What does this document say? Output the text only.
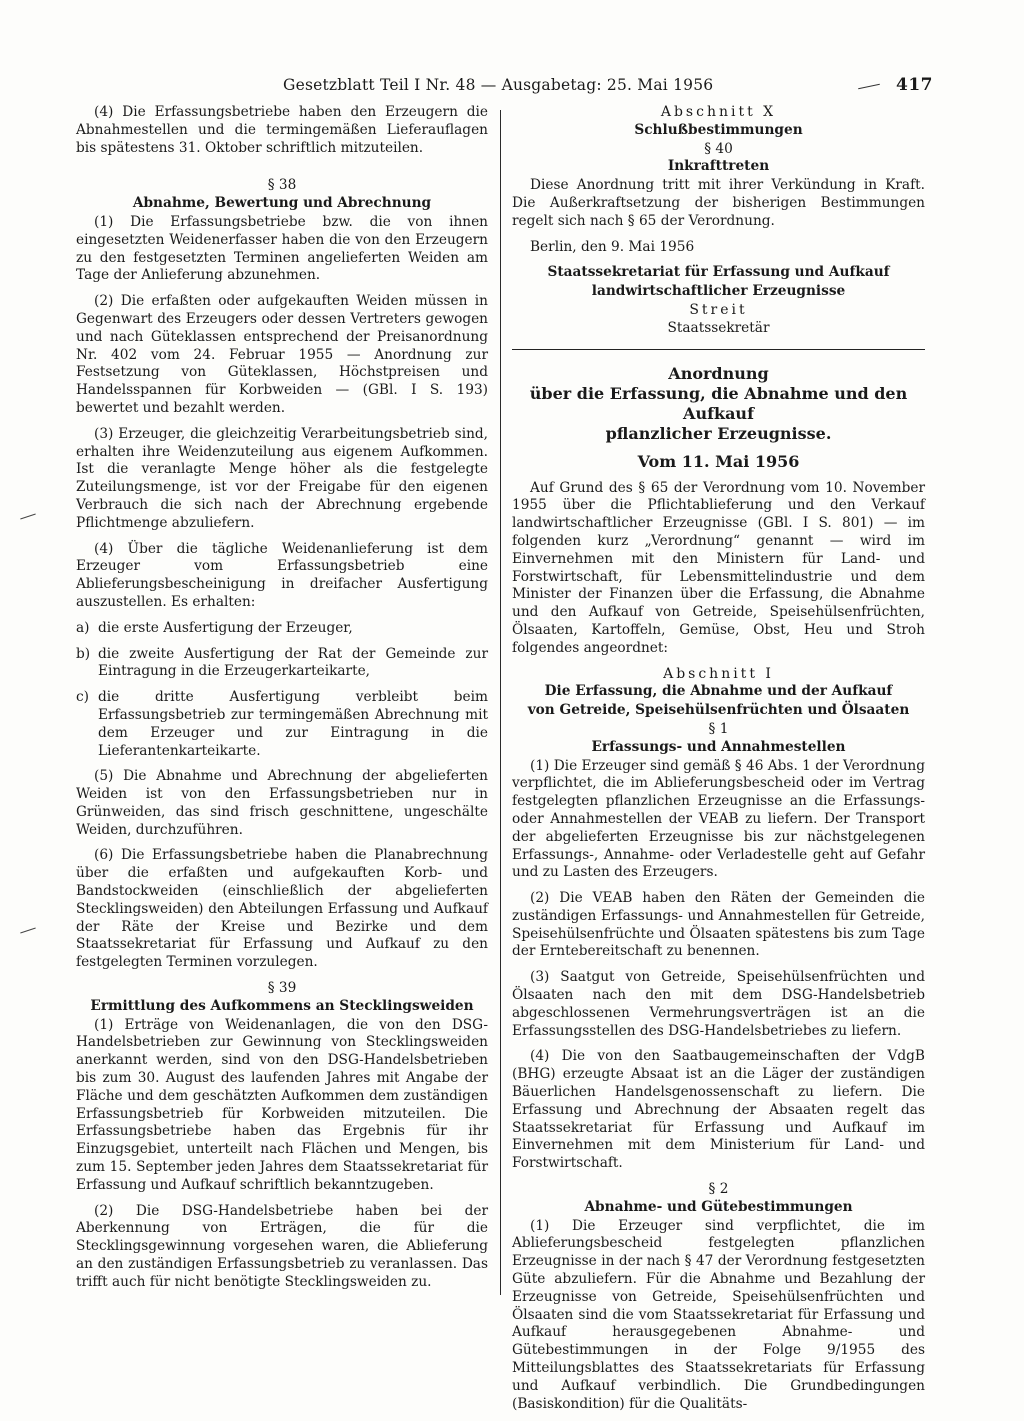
Gesetzblatt Teil I Nr. 48 — Ausgabetag: 25. Mai 1956	417

(4) Die Erfassungsbetriebe haben den Erzeugern die Abnahmestellen und die termingemäßen Lieferauflagen bis spätestens 31. Oktober schriftlich mitzuteilen.

§ 38
Abnahme, Bewertung und Abrechnung

(1) Die Erfassungsbetriebe bzw. die von ihnen eingesetzten Weidenerfasser haben die von den Erzeugern zu den festgesetzten Terminen angelieferten Weiden am Tage der Anlieferung abzunehmen.

(2) Die erfaßten oder aufgekauften Weiden müssen in Gegenwart des Erzeugers oder dessen Vertreters gewogen und nach Güteklassen entsprechend der Preisanordnung Nr. 402 vom 24. Februar 1955 — Anordnung zur Festsetzung von Güteklassen, Höchstpreisen und Handelsspannen für Korbweiden — (GBl. I S. 193) bewertet und bezahlt werden.

(3) Erzeuger, die gleichzeitig Verarbeitungsbetrieb sind, erhalten ihre Weidenzuteilung aus eigenem Aufkommen. Ist die veranlagte Menge höher als die festgelegte Zuteilungsmenge, ist vor der Freigabe für den eigenen Verbrauch die sich nach der Abrechnung ergebende Pflichtmenge abzuliefern.

(4) Über die tägliche Weidenanlieferung ist dem Erzeuger vom Erfassungsbetrieb eine Ablieferungsbescheinigung in dreifacher Ausfertigung auszustellen. Es erhalten:

a) die erste Ausfertigung der Erzeuger,
b) die zweite Ausfertigung der Rat der Gemeinde zur Eintragung in die Erzeugerkarteikarte,
c) die dritte Ausfertigung verbleibt beim Erfassungsbetrieb zur termingemäßen Abrechnung mit dem Erzeuger und zur Eintragung in die Lieferantenkarteikarte.

(5) Die Abnahme und Abrechnung der abgelieferten Weiden ist von den Erfassungsbetrieben nur in Grünweiden, das sind frisch geschnittene, ungeschälte Weiden, durchzuführen.

(6) Die Erfassungsbetriebe haben die Planabrechnung über die erfaßten und aufgekauften Korb- und Bandstockweiden (einschließlich der abgelieferten Stecklingsweiden) den Abteilungen Erfassung und Aufkauf der Räte der Kreise und Bezirke und dem Staatssekretariat für Erfassung und Aufkauf zu den festgelegten Terminen vorzulegen.

§ 39
Ermittlung des Aufkommens an Stecklingsweiden

(1) Erträge von Weidenanlagen, die von den DSG-Handelsbetrieben zur Gewinnung von Stecklingsweiden anerkannt werden, sind von den DSG-Handelsbetrieben bis zum 30. August des laufenden Jahres mit Angabe der Fläche und dem geschätzten Aufkommen dem zuständigen Erfassungsbetrieb für Korbweiden mitzuteilen. Die Erfassungsbetriebe haben das Ergebnis für ihr Einzugsgebiet, unterteilt nach Flächen und Mengen, bis zum 15. September jeden Jahres dem Staatssekretariat für Erfassung und Aufkauf schriftlich bekanntzugeben.

(2) Die DSG-Handelsbetriebe haben bei der Aberkennung von Erträgen, die für die Stecklingsgewinnung vorgesehen waren, die Ablieferung an den zuständigen Erfassungsbetrieb zu veranlassen. Das trifft auch für nicht benötigte Stecklingsweiden zu.

Abschnitt X
Schlußbestimmungen
§ 40
Inkrafttreten

Diese Anordnung tritt mit ihrer Verkündung in Kraft. Die Außerkraftsetzung der bisherigen Bestimmungen regelt sich nach § 65 der Verordnung.

Berlin, den 9. Mai 1956

Staatssekretariat für Erfassung und Aufkauf
landwirtschaftlicher Erzeugnisse
Streit
Staatssekretär
Anordnung
über die Erfassung, die Abnahme und den Aufkauf
pflanzlicher Erzeugnisse.
Vom 11. Mai 1956

Auf Grund des § 65 der Verordnung vom 10. November 1955 über die Pflichtablieferung und den Verkauf landwirtschaftlicher Erzeugnisse (GBl. I S. 801) — im folgenden kurz „Verordnung“ genannt — wird im Einvernehmen mit den Ministern für Land- und Forstwirtschaft, für Lebensmittelindustrie und dem Minister der Finanzen über die Erfassung, die Abnahme und den Aufkauf von Getreide, Speisehülsenfrüchten, Ölsaaten, Kartoffeln, Gemüse, Obst, Heu und Stroh folgendes angeordnet:

Abschnitt I
Die Erfassung, die Abnahme und der Aufkauf
von Getreide, Speisehülsenfrüchten und Ölsaaten
§ 1
Erfassungs- und Annahmestellen

(1) Die Erzeuger sind gemäß § 46 Abs. 1 der Verordnung verpflichtet, die im Ablieferungsbescheid oder im Vertrag festgelegten pflanzlichen Erzeugnisse an die Erfassungs- oder Annahmestellen der VEAB zu liefern. Der Transport der abgelieferten Erzeugnisse bis zur nächstgelegenen Erfassungs-, Annahme- oder Verladestelle geht auf Gefahr und zu Lasten des Erzeugers.

(2) Die VEAB haben den Räten der Gemeinden die zuständigen Erfassungs- und Annahmestellen für Getreide, Speisehülsenfrüchte und Ölsaaten spätestens bis zum Tage der Erntebereitschaft zu benennen.

(3) Saatgut von Getreide, Speisehülsenfrüchten und Ölsaaten nach den mit dem DSG-Handelsbetrieb abgeschlossenen Vermehrungsverträgen ist an die Erfassungsstellen des DSG-Handelsbetriebes zu liefern.

(4) Die von den Saatbaugemeinschaften der VdgB (BHG) erzeugte Absaat ist an die Läger der zuständigen Bäuerlichen Handelsgenossenschaft zu liefern. Die Erfassung und Abrechnung der Absaaten regelt das Staatssekretariat für Erfassung und Aufkauf im Einvernehmen mit dem Ministerium für Land- und Forstwirtschaft.

§ 2
Abnahme- und Gütebestimmungen

(1) Die Erzeuger sind verpflichtet, die im Ablieferungsbescheid festgelegten pflanzlichen Erzeugnisse in der nach § 47 der Verordnung festgesetzten Güte abzuliefern. Für die Abnahme und Bezahlung der Erzeugnisse von Getreide, Speisehülsenfrüchten und Ölsaaten sind die vom Staatssekretariat für Erfassung und Aufkauf herausgegebenen Abnahme- und Gütebestimmungen in der Folge 9/1955 des Mitteilungsblattes des Staatssekretariats für Erfassung und Aufkauf verbindlich. Die Grundbedingungen (Basiskondition) für die Qualitäts-
